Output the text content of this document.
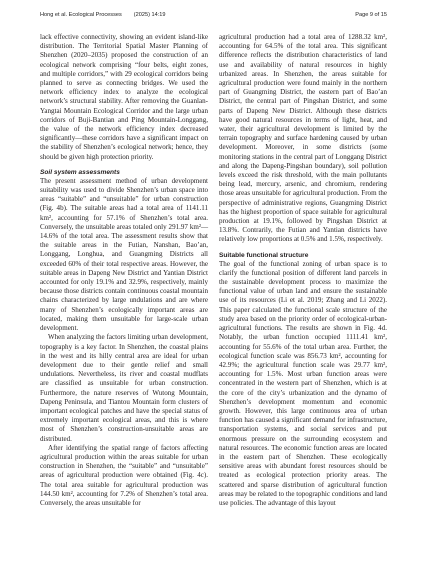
Hong et al. Ecological Processes (2025) 14:19	Page 9 of 15

lack effective connectivity, showing an evident island-like distribution. The Territorial Spatial Master Planning of Shenzhen (2020–2035) proposed the construction of an ecological network comprising “four belts, eight zones, and multiple corridors,” with 29 ecological corridors being planned to serve as connecting bridges. We used the network efficiency index to analyze the ecological network’s structural stability. After removing the Guanlan-Yangtai Mountain Ecological Corridor and the large urban corridors of Buji-Bantian and Ping Mountain-Longgang, the value of the network efficiency index decreased significantly—these corridors have a significant impact on the stability of Shenzhen’s ecological network; hence, they should be given high protection priority.

Soil system assessments

The present assessment method of urban development suitability was used to divide Shenzhen’s urban space into areas “suitable” and “unsuitable” for urban construction (Fig. 4b). The suitable areas had a total area of 1141.11 km², accounting for 57.1% of Shenzhen’s total area. Conversely, the unsuitable areas totaled only 291.97 km²—14.6% of the total area. The assessment results show that the suitable areas in the Futian, Nanshan, Bao’an, Longgang, Longhua, and Guangming Districts all exceeded 60% of their total respective areas. However, the suitable areas in Dapeng New District and Yantian District accounted for only 19.1% and 32.9%, respectively, mainly because those districts contain continuous coastal mountain chains characterized by large undulations and are where many of Shenzhen’s ecologically important areas are located, making them unsuitable for large-scale urban development.

When analyzing the factors limiting urban development, topography is a key factor. In Shenzhen, the coastal plains in the west and its hilly central area are ideal for urban development due to their gentle relief and small undulations. Nevertheless, its river and coastal mudflats are classified as unsuitable for urban construction. Furthermore, the nature reserves of Wutong Mountain, Dapeng Peninsula, and Tiantou Mountain form clusters of important ecological patches and have the special status of extremely important ecological areas, and this is where most of Shenzhen’s construction-unsuitable areas are distributed.

After identifying the spatial range of factors affecting agricultural production within the areas suitable for urban construction in Shenzhen, the “suitable” and “unsuitable” areas of agricultural production were obtained (Fig. 4c). The total area suitable for agricultural production was 144.50 km², accounting for 7.2% of Shenzhen’s total area. Conversely, the areas unsuitable for

agricultural production had a total area of 1288.32 km², accounting for 64.5% of the total area. This significant difference reflects the distribution characteristics of land use and availability of natural resources in highly urbanized areas. In Shenzhen, the areas suitable for agricultural production were found mainly in the northern part of Guangming District, the eastern part of Bao’an District, the central part of Pingshan District, and some parts of Dapeng New District. Although these districts have good natural resources in terms of light, heat, and water, their agricultural development is limited by the terrain topography and surface hardening caused by urban development. Moreover, in some districts (some monitoring stations in the central part of Longgang District and along the Dapeng-Pingshan boundary), soil pollution levels exceed the risk threshold, with the main pollutants being lead, mercury, arsenic, and chromium, rendering those areas unsuitable for agricultural production. From the perspective of administrative regions, Guangming District has the highest proportion of space suitable for agricultural production at 19.1%, followed by Pingshan District at 13.8%. Contrarily, the Futian and Yantian districts have relatively low proportions at 0.5% and 1.5%, respectively.

Suitable functional structure

The goal of the functional zoning of urban space is to clarify the functional position of different land parcels in the sustainable development process to maximize the functional value of urban land and ensure the sustainable use of its resources (Li et al. 2019; Zhang and Li 2022). This paper calculated the functional scale structure of the study area based on the priority order of ecological-urban-agricultural functions. The results are shown in Fig. 4d. Notably, the urban function occupied 1111.41 km², accounting for 55.6% of the total urban area. Further, the ecological function scale was 856.73 km², accounting for 42.9%; the agricultural function scale was 29.77 km², accounting for 1.5%. Most urban function areas were concentrated in the western part of Shenzhen, which is at the core of the city’s urbanization and the dynamo of Shenzhen’s development momentum and economic growth. However, this large continuous area of urban function has caused a significant demand for infrastructure, transportation systems, and social services and put enormous pressure on the surrounding ecosystem and natural resources. The economic function areas are located in the eastern part of Shenzhen. These ecologically sensitive areas with abundant forest resources should be treated as ecological protection priority areas. The scattered and sparse distribution of agricultural function areas may be related to the topographic conditions and land use policies. The advantage of this layout
